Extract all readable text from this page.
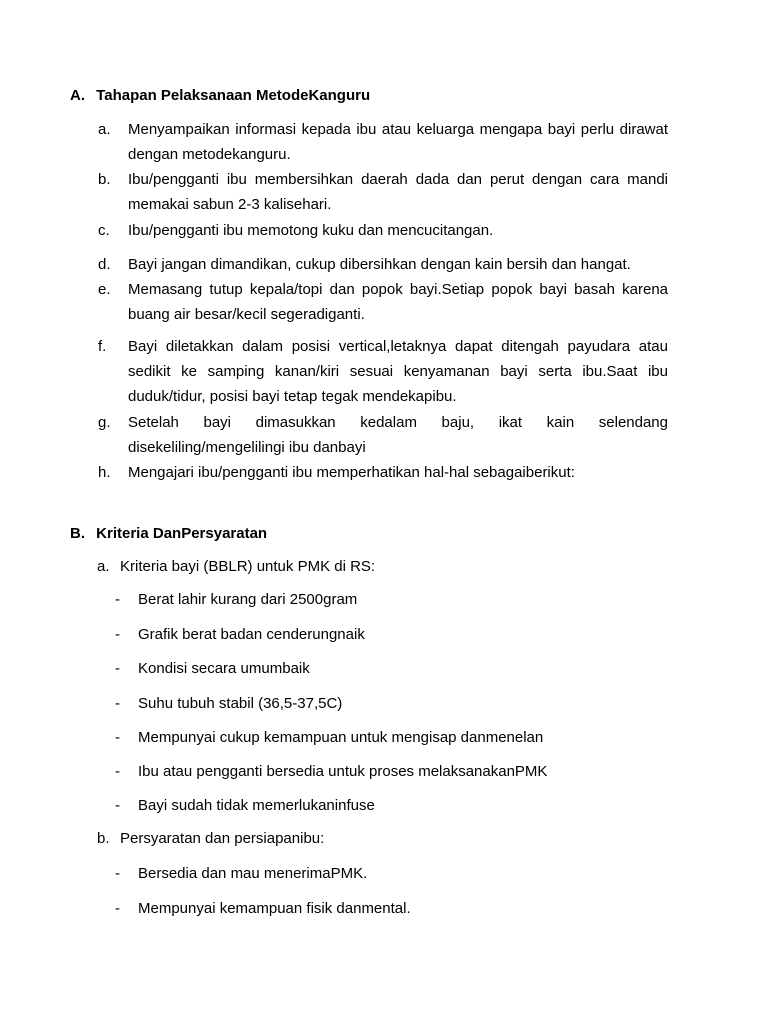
A. Tahapan Pelaksanaan MetodeKanguru
a.	Menyampaikan informasi kepada ibu atau keluarga mengapa bayi perlu dirawat dengan metodekanguru.
b.	Ibu/pengganti ibu membersihkan daerah dada dan perut dengan cara mandi memakai sabun 2-3 kalisehari.
c.	Ibu/pengganti ibu memotong kuku dan mencucitangan.
d.	Bayi jangan dimandikan, cukup dibersihkan dengan kain bersih dan hangat.
e.	Memasang tutup kepala/topi dan popok bayi.Setiap popok bayi basah karena buang air besar/kecil segeradiganti.
f.	Bayi diletakkan dalam posisi vertical,letaknya dapat ditengah payudara atau sedikit ke samping kanan/kiri sesuai kenyamanan bayi serta ibu.Saat ibu duduk/tidur, posisi bayi tetap tegak mendekapibu.
g.	Setelah bayi dimasukkan kedalam baju, ikat kain selendang disekeliling/mengelilingi ibu danbayi
h.	Mengajari ibu/pengganti ibu memperhatikan hal-hal sebagaiberikut:
B. Kriteria DanPersyaratan
a. Kriteria bayi (BBLR) untuk PMK di RS:
- Berat lahir kurang dari 2500gram
- Grafik berat badan cenderungnaik
- Kondisi secara umumbaik
- Suhu tubuh stabil (36,5-37,5C)
- Mempunyai cukup kemampuan untuk mengisap danmenelan
- Ibu atau pengganti bersedia untuk proses melaksanakanPMK
- Bayi sudah tidak memerlukaninfuse
b. Persyaratan dan persiapanibu:
- Bersedia dan mau menerimaPMK.
- Mempunyai kemampuan fisik danmental.
